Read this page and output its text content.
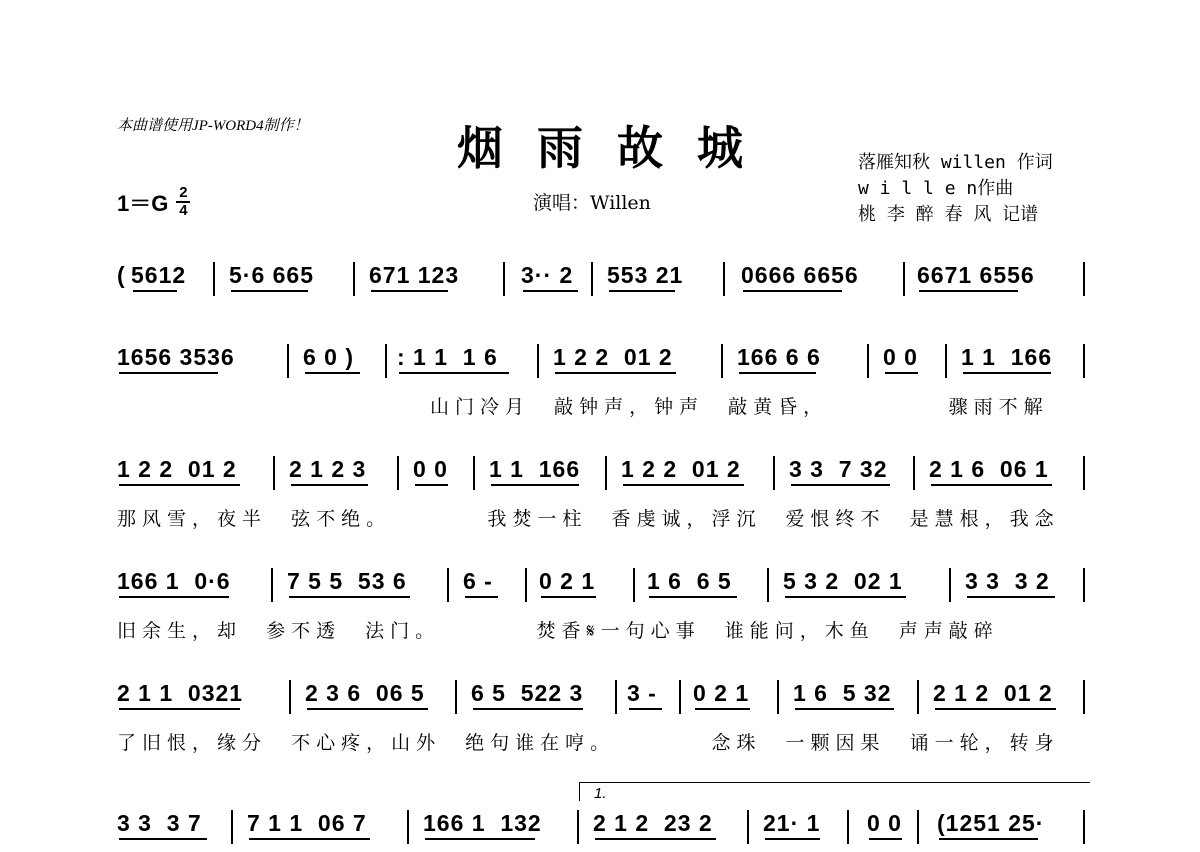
本曲谱使用JP-WORD4制作！	烟雨故城
演唱：Willen
落雁知秋 willen 作词
w i l l e n作曲
桃 李 醉 春 风 记谱
$1=G \frac{2}{4}$
( 5612 5·6 665 671 123	3·· 2 553 21	0666 6656	6671 6556
1656 3536	6 0 ) : 1 1  1 6 1 2 2  01 2	166 6 6	0 0 1 1  166
山门冷月  敲钟声，钟声  敲黄昏，          骤雨不解
1 2 2  01 2 2 1 2 3 0 0 1 1  166 1 2 2  01 2 3 3  7 32 2 1 6  06 1
那风雪，夜半  弦不绝。        我焚一柱  香虔诚，浮沉  爱恨终不  是慧根，我念
166 1  0·6 7 5 5  53 6 6 - 0 2 1 1 6  6 5 5 3 2  02 1	3 3  3 2
旧余生，却  参不透  法门。        焚香𝄋一句心事  谁能问，木鱼  声声敲碎
2 1 1  0321	2 3 6  06 5 6 5  522 3 3 - 0 2 1 1 6  5 32 2 1 2  01 2
了旧恨，缘分  不心疼，山外  绝句谁在哼。        念珠  一颗因果  诵一轮，转身
3 3  3 7 7 1 1  06 7 166 1  132 2 1 2  23 2 21· 1 0 0 (1251 25·
1.
